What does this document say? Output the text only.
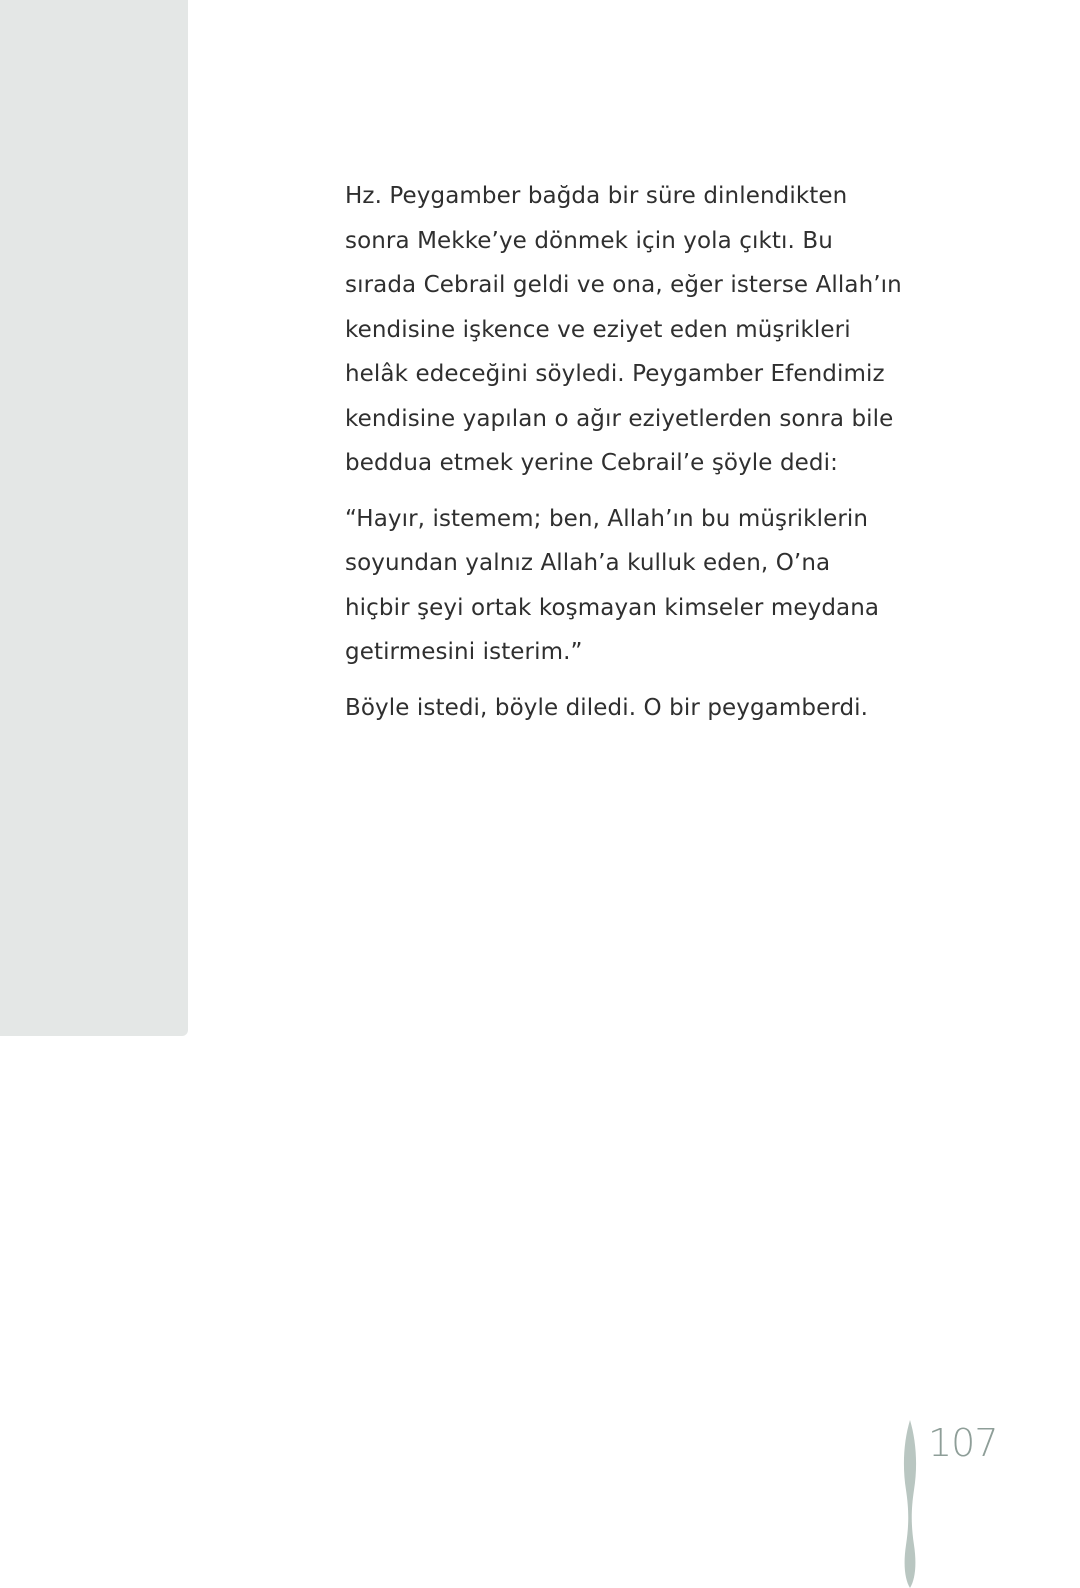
Hz. Peygamber bağda bir süre dinlendikten
sonra Mekke’ye dönmek için yola çıktı. Bu
sırada Cebrail geldi ve ona, eğer isterse Allah’ın
kendisine işkence ve eziyet eden müşrikleri
helâk edeceğini söyledi. Peygamber Efendimiz
kendisine yapılan o ağır eziyetlerden sonra bile
beddua etmek yerine Cebrail’e şöyle dedi:

“Hayır, istemem; ben, Allah’ın bu müşriklerin
soyundan yalnız Allah’a kulluk eden, O’na
hiçbir şeyi ortak koşmayan kimseler meydana
getirmesini isterim.”

Böyle istedi, böyle diledi. O bir peygamberdi.

107
